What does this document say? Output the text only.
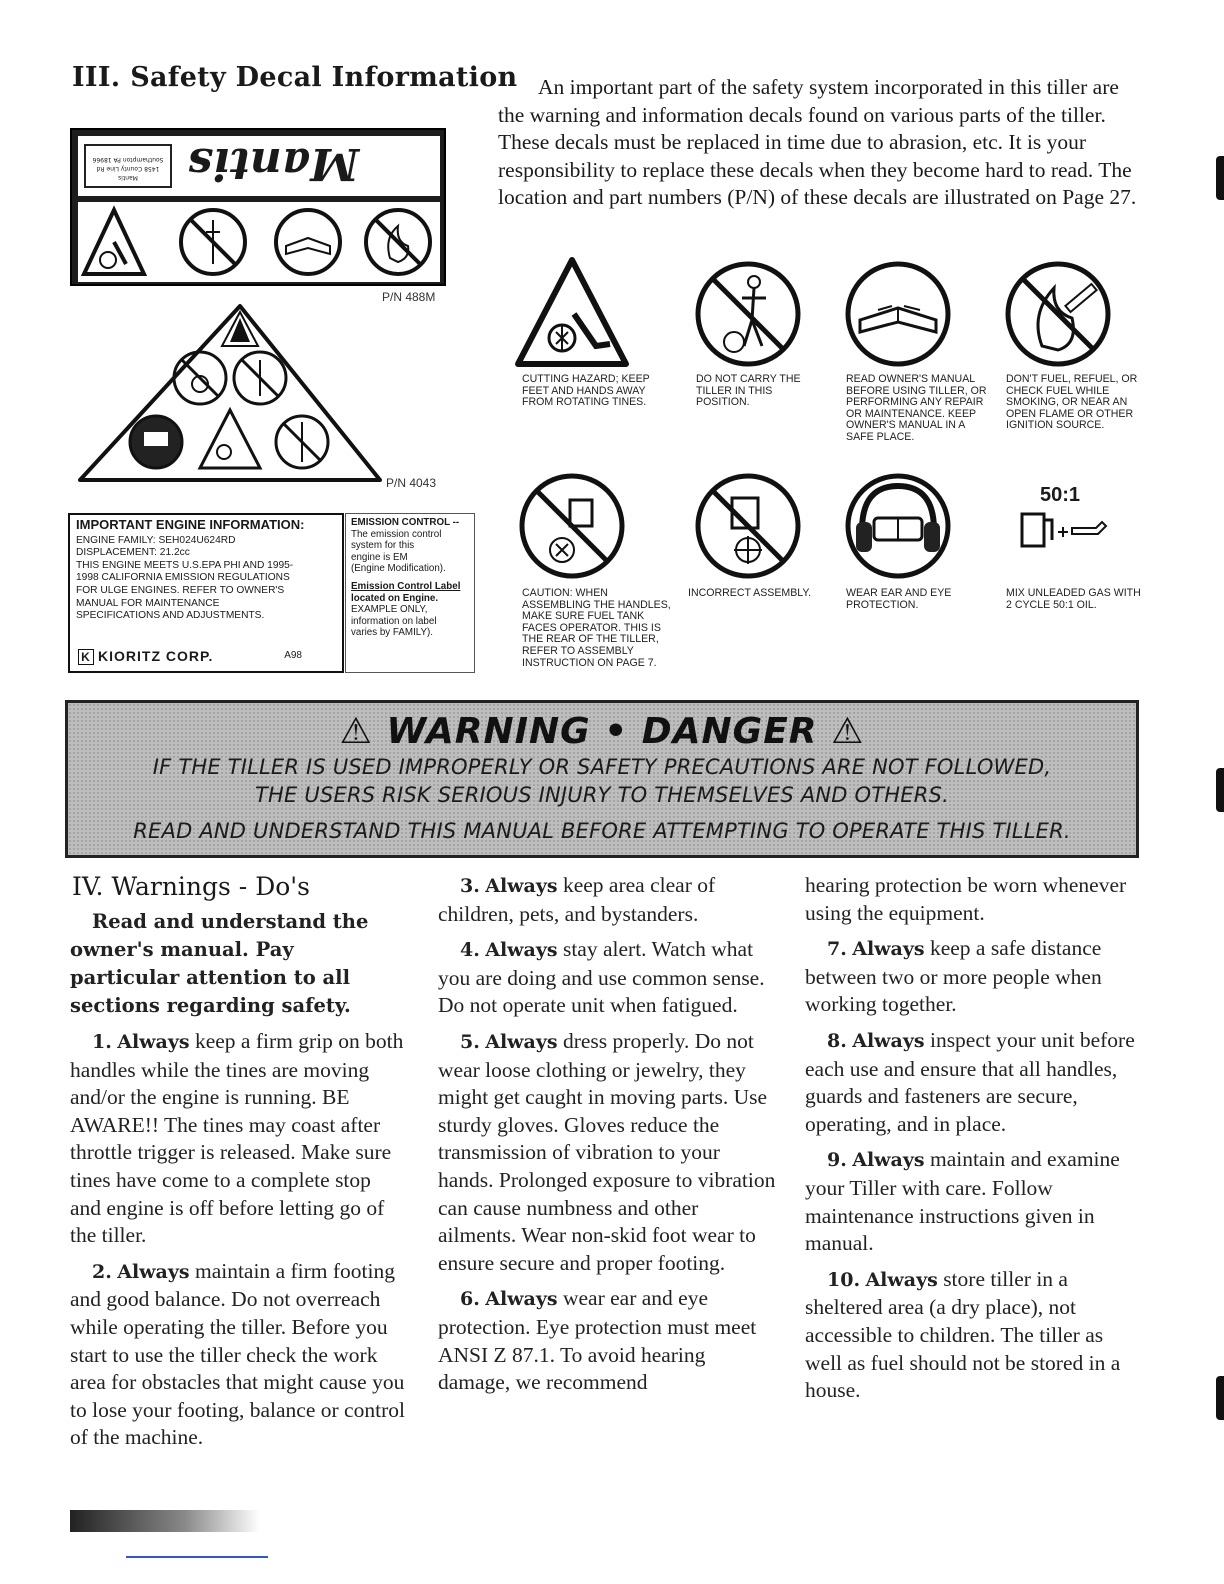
III. Safety Decal Information An important part of the safety system incorporated in this tiller are the warning and information decals found on various parts of the tiller. These decals must be replaced in time due to abrasion, etc. It is your responsibility to replace these decals when they become hard to read. The location and part numbers (P/N) of these decals are illustrated on Page 27.
Mantis
1458 County Line Rd
Southampton PA 18966 Mantis
P/N 488M
P/N 4043
IMPORTANT ENGINE INFORMATION:
ENGINE FAMILY: SEH024U624RD
DISPLACEMENT: 21.2cc
THIS ENGINE MEETS U.S.EPA PHI AND 1995-
1998 CALIFORNIA EMISSION REGULATIONS
FOR ULGE ENGINES. REFER TO OWNER'S
MANUAL FOR MAINTENANCE
SPECIFICATIONS AND ADJUSTMENTS.
K KIORITZ CORP.	A98
EMISSION CONTROL --
The emission control
system for this
engine is EM
(Engine Modification).
Emission Control Label
located on Engine.
EXAMPLE ONLY,
information on label
varies by FAMILY).
CUTTING HAZARD; KEEP FEET AND HANDS AWAY FROM ROTATING TINES.
DO NOT CARRY THE TILLER IN THIS POSITION.
READ OWNER'S MANUAL BEFORE USING TILLER, OR PERFORMING ANY REPAIR OR MAINTENANCE. KEEP OWNER'S MANUAL IN A SAFE PLACE.
DON'T FUEL, REFUEL, OR CHECK FUEL WHILE SMOKING, OR NEAR AN OPEN FLAME OR OTHER IGNITION SOURCE.
CAUTION: WHEN ASSEMBLING THE HANDLES, MAKE SURE FUEL TANK FACES OPERATOR. THIS IS THE REAR OF THE TILLER, REFER TO ASSEMBLY INSTRUCTION ON PAGE 7.
INCORRECT ASSEMBLY.	WEAR EAR AND EYE PROTECTION.
50:1
MIX UNLEADED GAS WITH 2 CYCLE 50:1 OIL.
⚠ WARNING • DANGER ⚠
IF THE TILLER IS USED IMPROPERLY OR SAFETY PRECAUTIONS ARE NOT FOLLOWED,
THE USERS RISK SERIOUS INJURY TO THEMSELVES AND OTHERS.
READ AND UNDERSTAND THIS MANUAL BEFORE ATTEMPTING TO OPERATE THIS TILLER.
IV. Warnings - Do's

Read and understand the owner's manual. Pay particular attention to all sections regarding safety.

1. Always keep a firm grip on both handles while the tines are moving and/or the engine is running. BE AWARE!! The tines may coast after throttle trigger is released. Make sure tines have come to a complete stop and engine is off before letting go of the tiller.

2. Always maintain a firm footing and good balance. Do not overreach while operating the tiller. Before you start to use the tiller check the work area for obstacles that might cause you to lose your footing, balance or control of the machine.

3. Always keep area clear of children, pets, and bystanders.

4. Always stay alert. Watch what you are doing and use common sense. Do not operate unit when fatigued.

5. Always dress properly. Do not wear loose clothing or jewelry, they might get caught in moving parts. Use sturdy gloves. Gloves reduce the transmission of vibration to your hands. Prolonged exposure to vibration can cause numbness and other ailments. Wear non-skid foot wear to ensure secure and proper footing.

6. Always wear ear and eye protection. Eye protection must meet ANSI Z 87.1. To avoid hearing damage, we recommend

hearing protection be worn whenever using the equipment.

7. Always keep a safe distance between two or more people when working together.

8. Always inspect your unit before each use and ensure that all handles, guards and fasteners are secure, operating, and in place.

9. Always maintain and examine your Tiller with care. Follow maintenance instructions given in manual.

10. Always store tiller in a sheltered area (a dry place), not accessible to children. The tiller as well as fuel should not be stored in a house.
